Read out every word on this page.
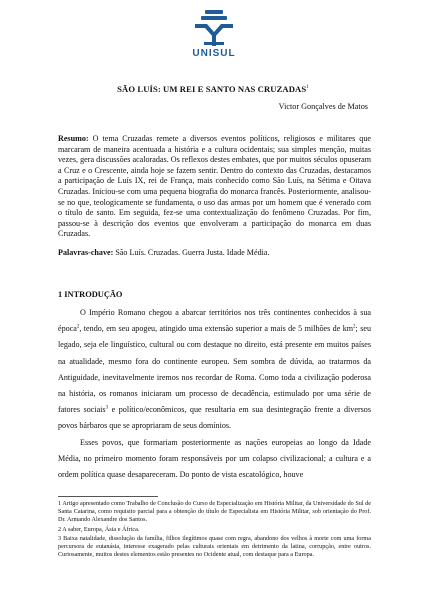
UNISUL
SÃO LUÍS: UM REI E SANTO NAS CRUZADAS$^1$
Victor Gonçalves de Matos
Resumo: O tema Cruzadas remete a diversos eventos políticos, religiosos e militares que marcaram de maneira acentuada a história e a cultura ocidentais; sua simples menção, muitas vezes, gera discussões acaloradas. Os reflexos destes embates, que por muitos séculos opuseram a Cruz e o Crescente, ainda hoje se fazem sentir. Dentro do contexto das Cruzadas, destacamos a participação de Luís IX, rei de França, mais conhecido como São Luís, na Sétima e Oitava Cruzadas. Iniciou-se com uma pequena biografia do monarca francês. Posteriormente, analisou-se no que, teologicamente se fundamenta, o uso das armas por um homem que é venerado com o título de santo. Em seguida, fez-se uma contextualização do fenômeno Cruzadas. Por fim, passou-se à descrição dos eventos que envolveram a participação do monarca em duas Cruzadas.
Palavras-chave: São Luís. Cruzadas. Guerra Justa. Idade Média.
1 INTRODUÇÃO

O Império Romano chegou a abarcar territórios nos três continentes conhecidos à sua época$^2$, tendo, em seu apogeu, atingido uma extensão superior a mais de 5 milhões de $km^2$; seu legado, seja ele linguístico, cultural ou com destaque no direito, está presente em muitos países na atualidade, mesmo fora do continente europeu. Sem sombra de dúvida, ao tratarmos da Antiguidade, inevitavelmente iremos nos recordar de Roma. Como toda a civilização poderosa na história, os romanos iniciaram um processo de decadência, estimulado por uma série de fatores sociais$^3$ e político/econômicos, que resultaria em sua desintegração frente a diversos povos bárbaros que se apropriaram de seus domínios.

Esses povos, que formariam posteriormente as nações europeias ao longo da Idade Média, no primeiro momento foram responsáveis por um colapso civilizacional; a cultura e a ordem política quase desapareceram. Do ponto de vista escatológico, houve

1 Artigo apresentado como Trabalho de Conclusão do Curso de Especialização em História Militar, da Universidade do Sul de Santa Catarina, como requisito parcial para a obtenção do título de Especialista em História Militar, sob orientação do Prof. Dr. Armando Alexandre dos Santos.

2 A saber, Europa, Ásia e África.

3 Baixa natalidade, dissolução da família, filhos ilegítimos quase com regra, abandono dos velhos à morte com uma forma percursora de eutanásia, interesse exagerado pelas culturais orientais em detrimento da latina, corrupção, entre outros. Curiosamente, muitos destes elementos estão presentes no Ocidente atual, com destaque para a Europa.
